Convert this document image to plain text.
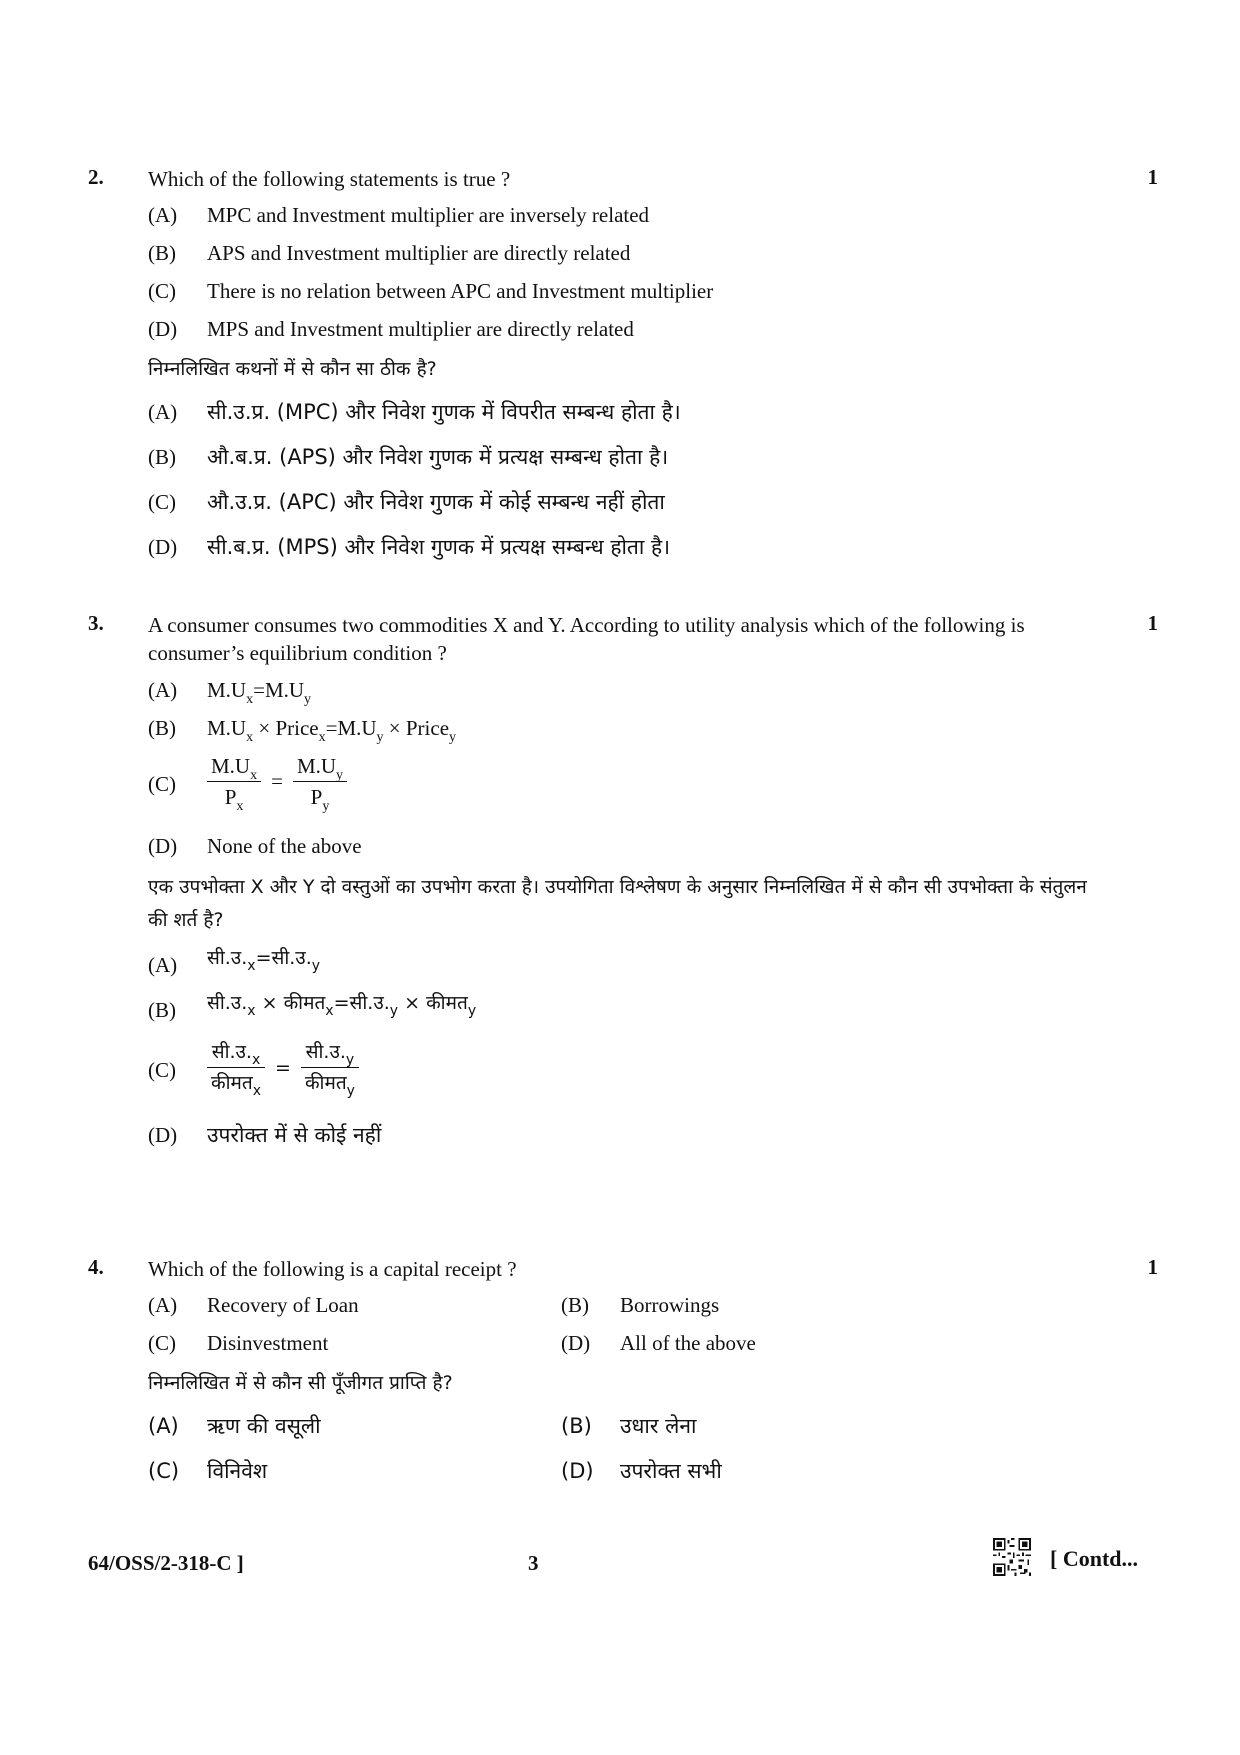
2.	1
Which of the following statements is true ?
(A)	MPC and Investment multiplier are inversely related
(B)	APS and Investment multiplier are directly related
(C)	There is no relation between APC and Investment multiplier
(D)	MPS and Investment multiplier are directly related
निम्नलिखित कथनों में से कौन सा ठीक है?
(A)	सी.उ.प्र. (MPC) और निवेश गुणक में विपरीत सम्बन्ध होता है।
(B)	औ.ब.प्र. (APS) और निवेश गुणक में प्रत्यक्ष सम्बन्ध होता है।
(C)	औ.उ.प्र. (APC) और निवेश गुणक में कोई सम्बन्ध नहीं होता
(D)	सी.ब.प्र. (MPS) और निवेश गुणक में प्रत्यक्ष सम्बन्ध होता है।
3.	1
A consumer consumes two commodities X and Y. According to utility analysis which of the following is consumer’s equilibrium condition ?
(A)	$M.U_x=M.U_y$
(B)	$M.U_x$ × $Price_x=M.U_y$ × Price$_y$
(C)	$\frac{M.U_x}{P_x} = \frac{M.U_y}{P_y}$
(D)	None of the above
एक उपभोक्ता X और Y दो वस्तुओं का उपभोग करता है। उपयोगिता विश्लेषण के अनुसार निम्नलिखित में से कौन सी उपभोक्ता के संतुलन की शर्त है?
(A)	$सी.उ._x=सी.उ._y$
(B)	$सी.उ._x$ × $कीमत_x=सी.उ._y$ × कीमत$_y$
(C)	$\frac{सी.उ._x}{कीमत_x} = \frac{सी.उ._y}{कीमत_y}$
(D)	उपरोक्त में से कोई नहीं
4.	1
Which of the following is a capital receipt ?
(A) Recovery of Loan	(B) Borrowings
(C) Disinvestment	(D) All of the above
निम्नलिखित में से कौन सी पूँजीगत प्राप्ति है?
(A) ऋण की वसूली	(B) उधार लेना
(C) विनिवेश	(D) उपरोक्त सभी
64/OSS/2-318-C ]	3	[ Contd...
